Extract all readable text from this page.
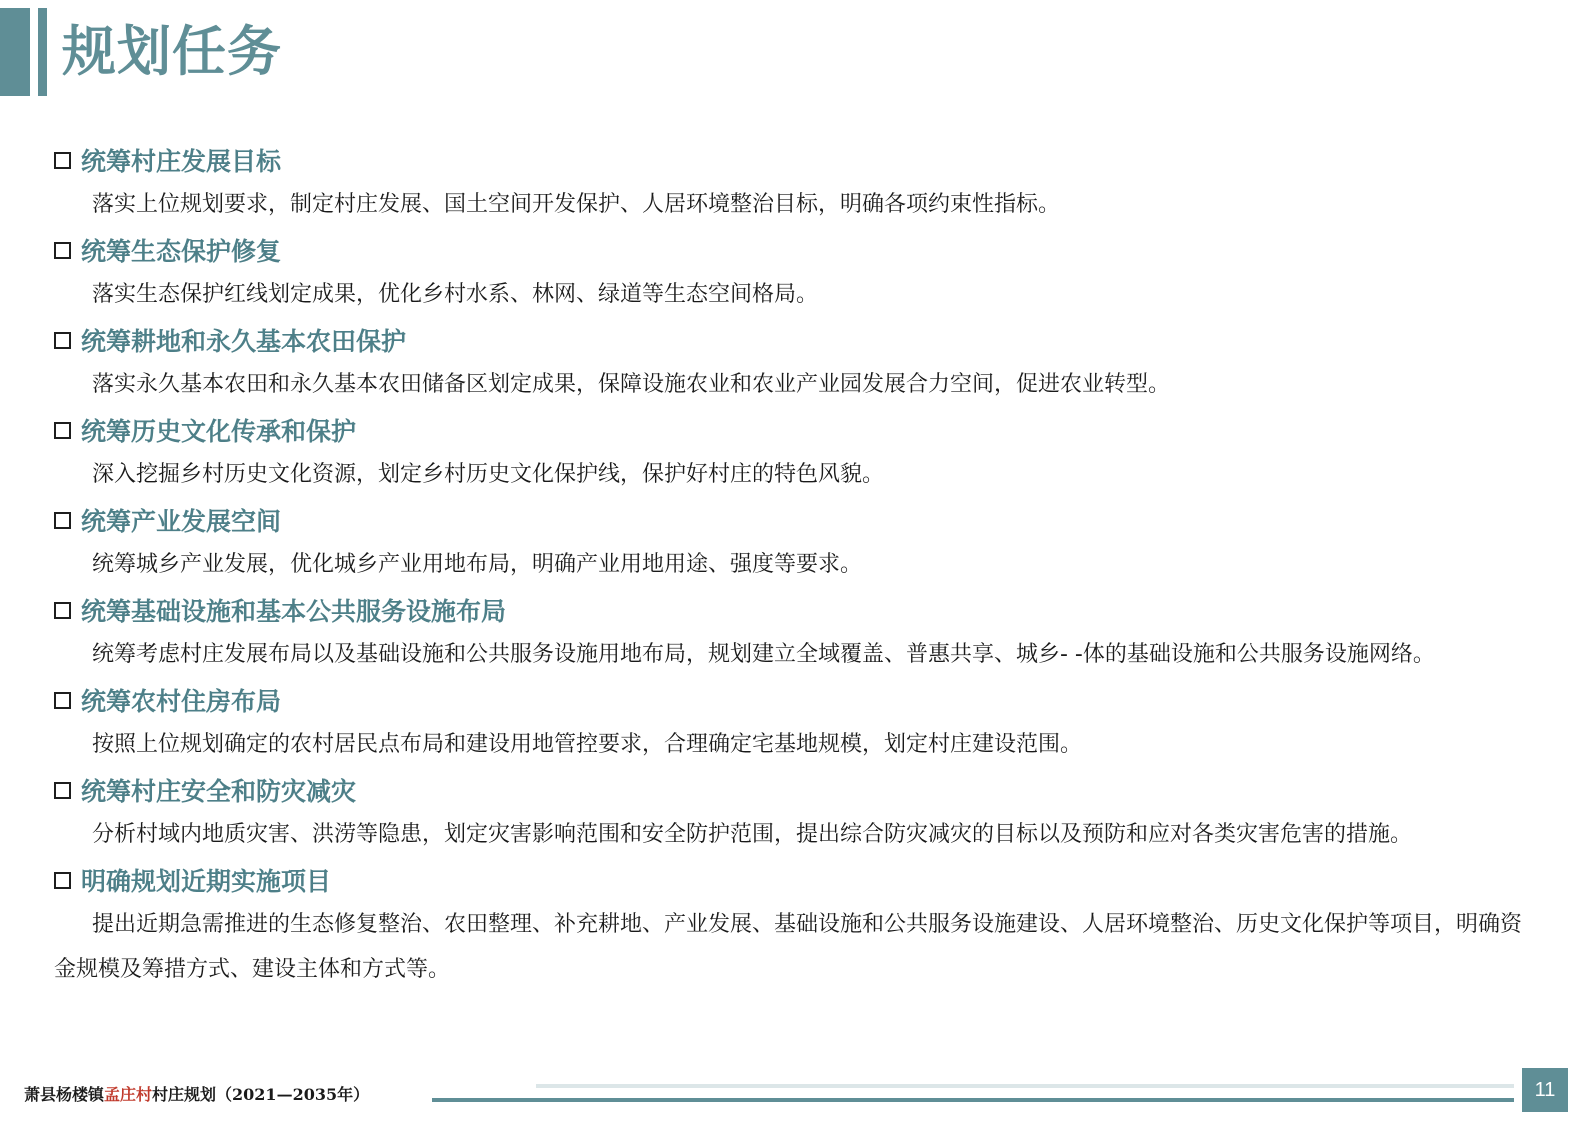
规划任务
统筹村庄发展目标

落实上位规划要求，制定村庄发展、国土空间开发保护、人居环境整治目标，明确各项约束性指标。

统筹生态保护修复

落实生态保护红线划定成果，优化乡村水系、林网、绿道等生态空间格局。

统筹耕地和永久基本农田保护

落实永久基本农田和永久基本农田储备区划定成果，保障设施农业和农业产业园发展合力空间，促进农业转型。

统筹历史文化传承和保护

深入挖掘乡村历史文化资源，划定乡村历史文化保护线，保护好村庄的特色风貌。

统筹产业发展空间

统筹城乡产业发展，优化城乡产业用地布局，明确产业用地用途、强度等要求。

统筹基础设施和基本公共服务设施布局

统筹考虑村庄发展布局以及基础设施和公共服务设施用地布局，规划建立全域覆盖、普惠共享、城乡- -体的基础设施和公共服务设施网络。

统筹农村住房布局

按照上位规划确定的农村居民点布局和建设用地管控要求，合理确定宅基地规模，划定村庄建设范围。

统筹村庄安全和防灾减灾

分析村域内地质灾害、洪涝等隐患，划定灾害影响范围和安全防护范围，提出综合防灾减灾的目标以及预防和应对各类灾害危害的措施。

明确规划近期实施项目

提出近期急需推进的生态修复整治、农田整理、补充耕地、产业发展、基础设施和公共服务设施建设、人居环境整治、历史文化保护等项目，明确资金规模及筹措方式、建设主体和方式等。

萧县杨楼镇孟庄村村庄规划（2021—2035年）	11
